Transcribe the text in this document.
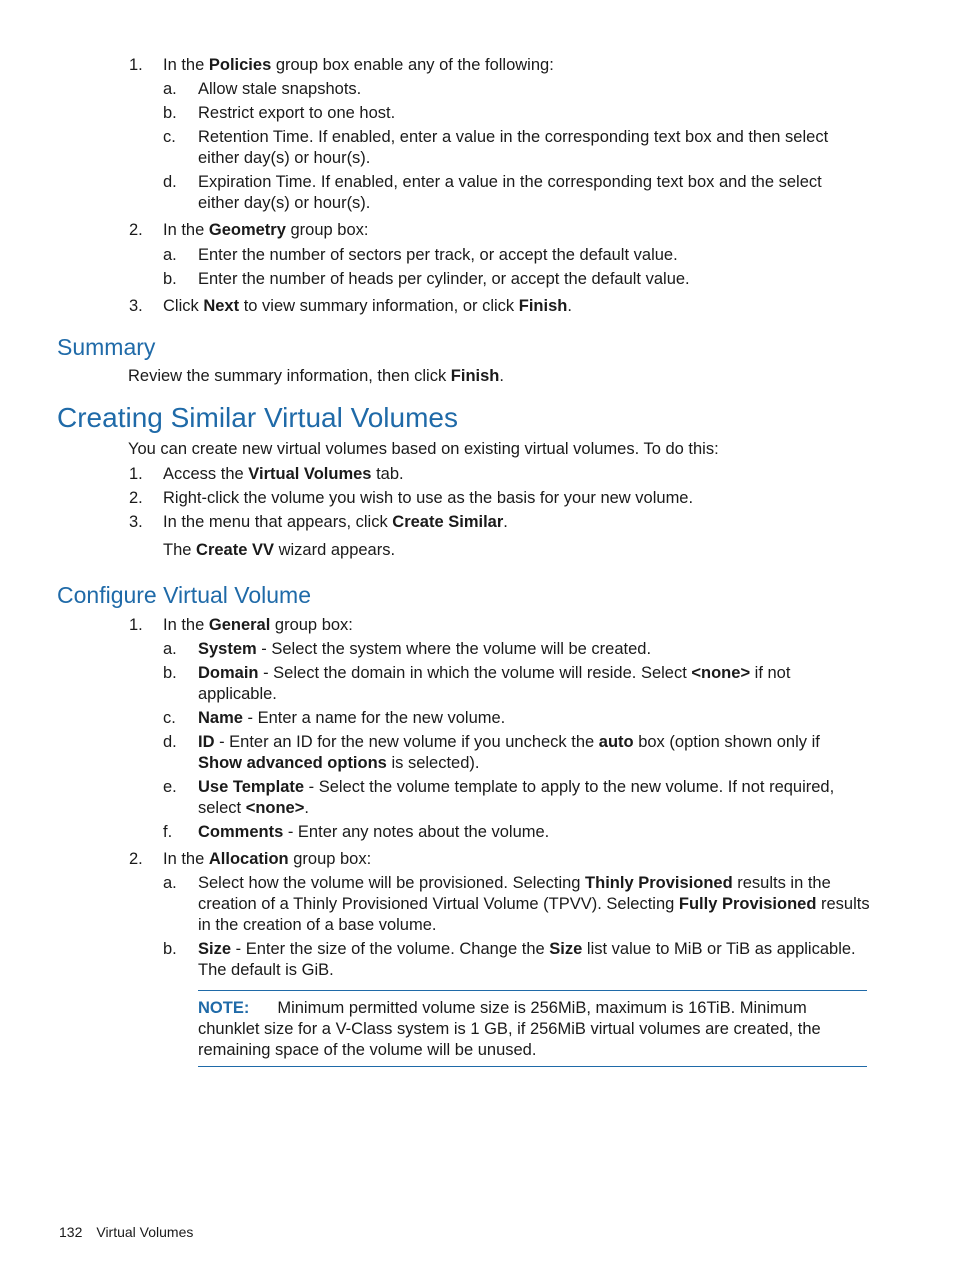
1.	In the Policies group box enable any of the following:
a.	Allow stale snapshots.
b.	Restrict export to one host.
c.	Retention Time. If enabled, enter a value in the corresponding text box and then select
either day(s) or hour(s).
d.	Expiration Time. If enabled, enter a value in the corresponding text box and the select
either day(s) or hour(s).
2.	In the Geometry group box:
a.	Enter the number of sectors per track, or accept the default value.
b.	Enter the number of heads per cylinder, or accept the default value.
3.	Click Next to view summary information, or click Finish.
Summary
Review the summary information, then click Finish.
Creating Similar Virtual Volumes
You can create new virtual volumes based on existing virtual volumes. To do this:
1.	Access the Virtual Volumes tab.
2.	Right-click the volume you wish to use as the basis for your new volume.
3.	In the menu that appears, click Create Similar.
The Create VV wizard appears.
Configure Virtual Volume
1.	In the General group box:
a.	System - Select the system where the volume will be created.
b.	Domain - Select the domain in which the volume will reside. Select <none> if not
applicable.
c.	Name - Enter a name for the new volume.
d.	ID - Enter an ID for the new volume if you uncheck the auto box (option shown only if
Show advanced options is selected).
e.	Use Template - Select the volume template to apply to the new volume. If not required,
select <none>.
f.	Comments - Enter any notes about the volume.
2.	In the Allocation group box:
a.	Select how the volume will be provisioned. Selecting Thinly Provisioned results in the
creation of a Thinly Provisioned Virtual Volume (TPVV). Selecting Fully Provisioned results
in the creation of a base volume.
b.	Size - Enter the size of the volume. Change the Size list value to MiB or TiB as applicable.
The default is GiB.
NOTE: Minimum permitted volume size is 256MiB, maximum is 16TiB. Minimum
chunklet size for a V-Class system is 1 GB, if 256MiB virtual volumes are created, the
remaining space of the volume will be unused.
132 Virtual Volumes
